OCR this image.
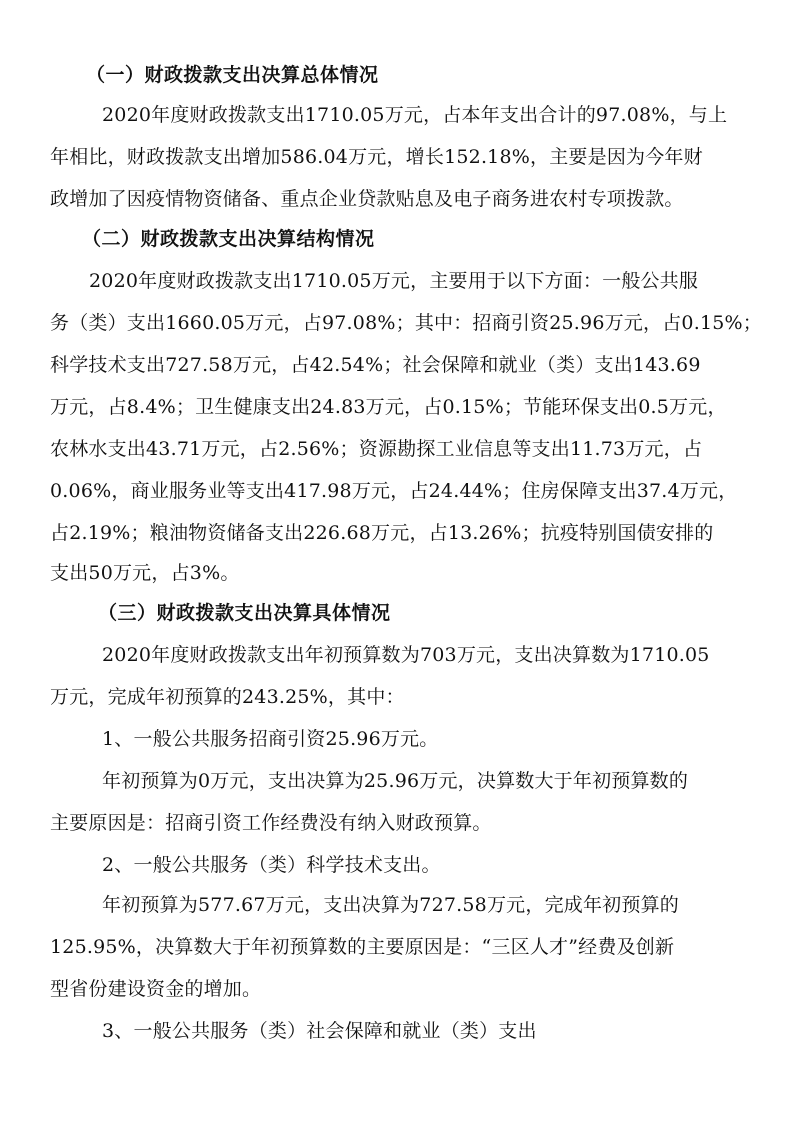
（一）财政拨款支出决算总体情况
2020年度财政拨款支出1710.05万元，占本年支出合计的97.08%，与上
年相比，财政拨款支出增加586.04万元，增长152.18%，主要是因为今年财
政增加了因疫情物资储备、重点企业贷款贴息及电子商务进农村专项拨款。
（二）财政拨款支出决算结构情况
2020年度财政拨款支出1710.05万元，主要用于以下方面：一般公共服
务（类）支出1660.05万元，占97.08%；其中：招商引资25.96万元，占0.15%；
科学技术支出727.58万元，占42.54%；社会保障和就业（类）支出143.69
万元，占8.4%；卫生健康支出24.83万元，占0.15%；节能环保支出0.5万元，
农林水支出43.71万元，占2.56%；资源勘探工业信息等支出11.73万元，占
0.06%，商业服务业等支出417.98万元，占24.44%；住房保障支出37.4万元，
占2.19%；粮油物资储备支出226.68万元，占13.26%；抗疫特别国债安排的
支出50万元，占3%。
（三）财政拨款支出决算具体情况
2020年度财政拨款支出年初预算数为703万元，支出决算数为1710.05
万元，完成年初预算的243.25%，其中：
1、一般公共服务招商引资25.96万元。
年初预算为0万元，支出决算为25.96万元，决算数大于年初预算数的
主要原因是：招商引资工作经费没有纳入财政预算。
2、一般公共服务（类）科学技术支出。
年初预算为577.67万元，支出决算为727.58万元，完成年初预算的
125.95%，决算数大于年初预算数的主要原因是：“三区人才”经费及创新
型省份建设资金的增加。
3、一般公共服务（类）社会保障和就业（类）支出
